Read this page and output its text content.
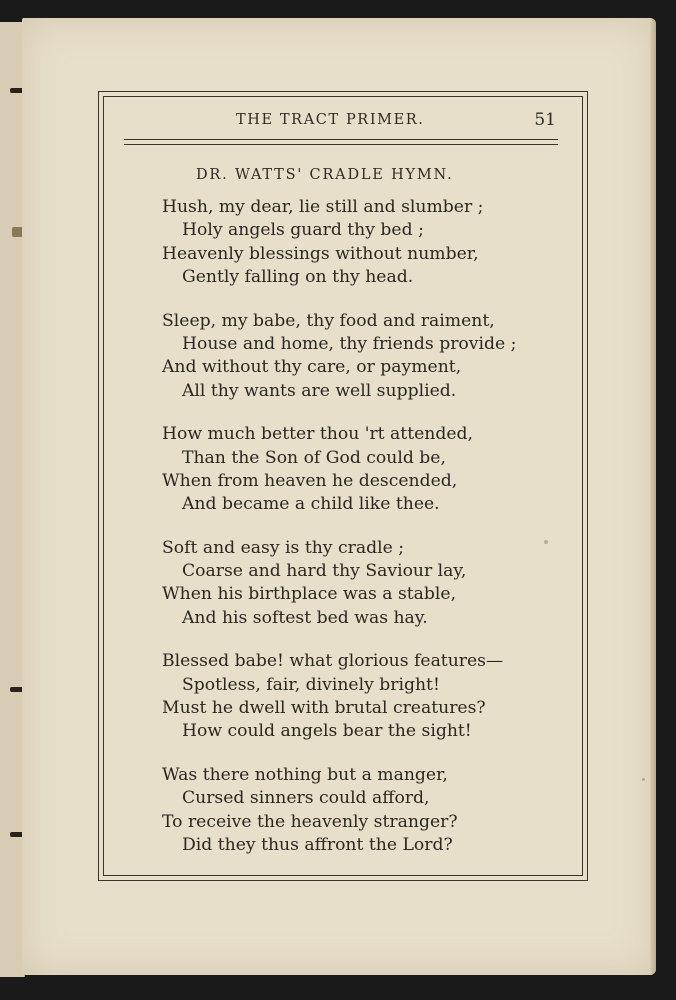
THE TRACT PRIMER.	51
DR. WATTS' CRADLE HYMN.
Hush, my dear, lie still and slumber ;
Holy angels guard thy bed ;
Heavenly blessings without number,
Gently falling on thy head.
Sleep, my babe, thy food and raiment,
House and home, thy friends provide ;
And without thy care, or payment,
All thy wants are well supplied.
How much better thou 'rt attended,
Than the Son of God could be,
When from heaven he descended,
And became a child like thee.
Soft and easy is thy cradle ;
Coarse and hard thy Saviour lay,
When his birthplace was a stable,
And his softest bed was hay.
Blessed babe! what glorious features—
Spotless, fair, divinely bright!
Must he dwell with brutal creatures?
How could angels bear the sight!
Was there nothing but a manger,
Cursed sinners could afford,
To receive the heavenly stranger?
Did they thus affront the Lord?
